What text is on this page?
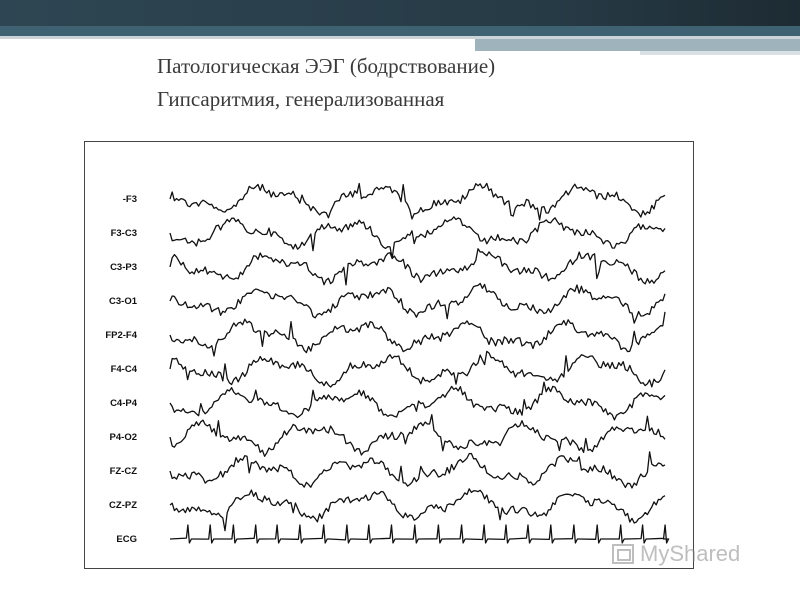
Патологическая ЭЭГ (бодрствование)
Гипсаритмия, генерализованная
-F3
F3-C3
C3-P3
C3-O1
FP2-F4
F4-C4
C4-P4
P4-O2
FZ-CZ
CZ-PZ
ECG
MyShared
